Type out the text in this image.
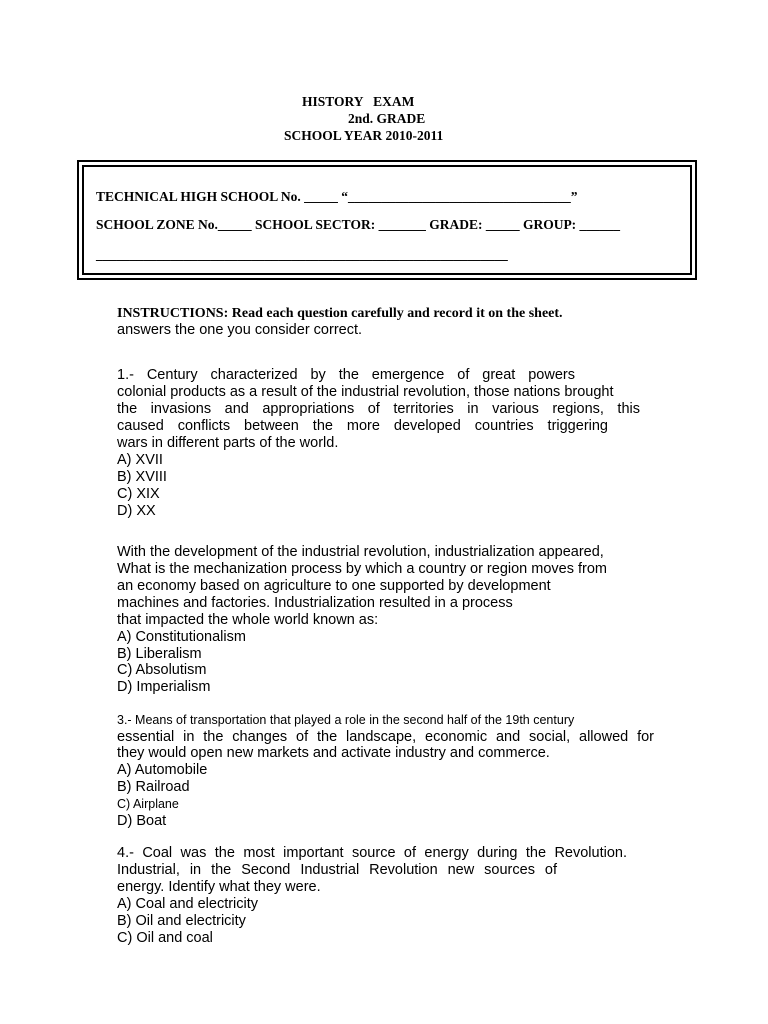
HISTORY   EXAM
2nd. GRADE
SCHOOL YEAR 2010-2011
TECHNICAL HIGH SCHOOL No. _____ “_________________________________”
SCHOOL ZONE No._____ SCHOOL SECTOR: _______ GRADE: _____ GROUP: ______
_____________________________________________________________
INSTRUCTIONS: Read each question carefully and record it on the sheet.
answers the one you consider correct.
1.- Century characterized by the emergence of great powers
colonial products as a result of the industrial revolution, those nations brought
the invasions and appropriations of territories in various regions, this
caused conflicts between the more developed countries triggering
wars in different parts of the world.
A) XVII
B) XVIII
C) XIX
D) XX
With the development of the industrial revolution, industrialization appeared,
What is the mechanization process by which a country or region moves from
an economy based on agriculture to one supported by development
machines and factories. Industrialization resulted in a process
that impacted the whole world known as:
A) Constitutionalism
B) Liberalism
C) Absolutism
D) Imperialism
3.- Means of transportation that played a role in the second half of the 19th century
essential in the changes of the landscape, economic and social, allowed for
they would open new markets and activate industry and commerce.
A) Automobile
B) Railroad
C) Airplane
D) Boat
4.- Coal was the most important source of energy during the Revolution.
Industrial, in the Second Industrial Revolution new sources of
energy. Identify what they were.
A) Coal and electricity
B) Oil and electricity
C) Oil and coal
